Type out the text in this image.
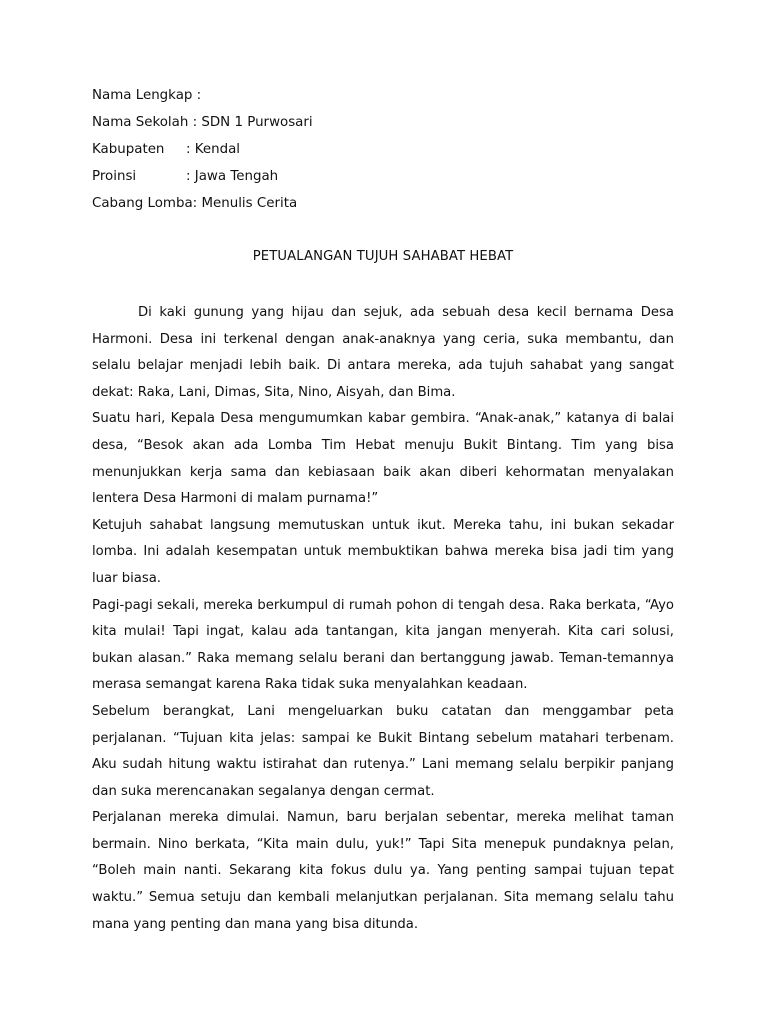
Nama Lengkap :
Nama Sekolah : SDN 1 Purwosari
Kabupaten : Kendal
Proinsi	: Jawa Tengah
Cabang Lomba: Menulis Cerita
PETUALANGAN TUJUH SAHABAT HEBAT

Di kaki gunung yang hijau dan sejuk, ada sebuah desa kecil bernama Desa Harmoni. Desa ini terkenal dengan anak-anaknya yang ceria, suka membantu, dan selalu belajar menjadi lebih baik. Di antara mereka, ada tujuh sahabat yang sangat dekat: Raka, Lani, Dimas, Sita, Nino, Aisyah, dan Bima.

Suatu hari, Kepala Desa mengumumkan kabar gembira. “Anak-anak,” katanya di balai desa, “Besok akan ada Lomba Tim Hebat menuju Bukit Bintang. Tim yang bisa menunjukkan kerja sama dan kebiasaan baik akan diberi kehormatan menyalakan lentera Desa Harmoni di malam purnama!”

Ketujuh sahabat langsung memutuskan untuk ikut. Mereka tahu, ini bukan sekadar lomba. Ini adalah kesempatan untuk membuktikan bahwa mereka bisa jadi tim yang luar biasa.

Pagi-pagi sekali, mereka berkumpul di rumah pohon di tengah desa. Raka berkata, “Ayo kita mulai! Tapi ingat, kalau ada tantangan, kita jangan menyerah. Kita cari solusi, bukan alasan.” Raka memang selalu berani dan bertanggung jawab. Teman-temannya merasa semangat karena Raka tidak suka menyalahkan keadaan.

Sebelum berangkat, Lani mengeluarkan buku catatan dan menggambar peta perjalanan. “Tujuan kita jelas: sampai ke Bukit Bintang sebelum matahari terbenam. Aku sudah hitung waktu istirahat dan rutenya.” Lani memang selalu berpikir panjang dan suka merencanakan segalanya dengan cermat.

Perjalanan mereka dimulai. Namun, baru berjalan sebentar, mereka melihat taman bermain. Nino berkata, “Kita main dulu, yuk!” Tapi Sita menepuk pundaknya pelan, “Boleh main nanti. Sekarang kita fokus dulu ya. Yang penting sampai tujuan tepat waktu.” Semua setuju dan kembali melanjutkan perjalanan. Sita memang selalu tahu mana yang penting dan mana yang bisa ditunda.
